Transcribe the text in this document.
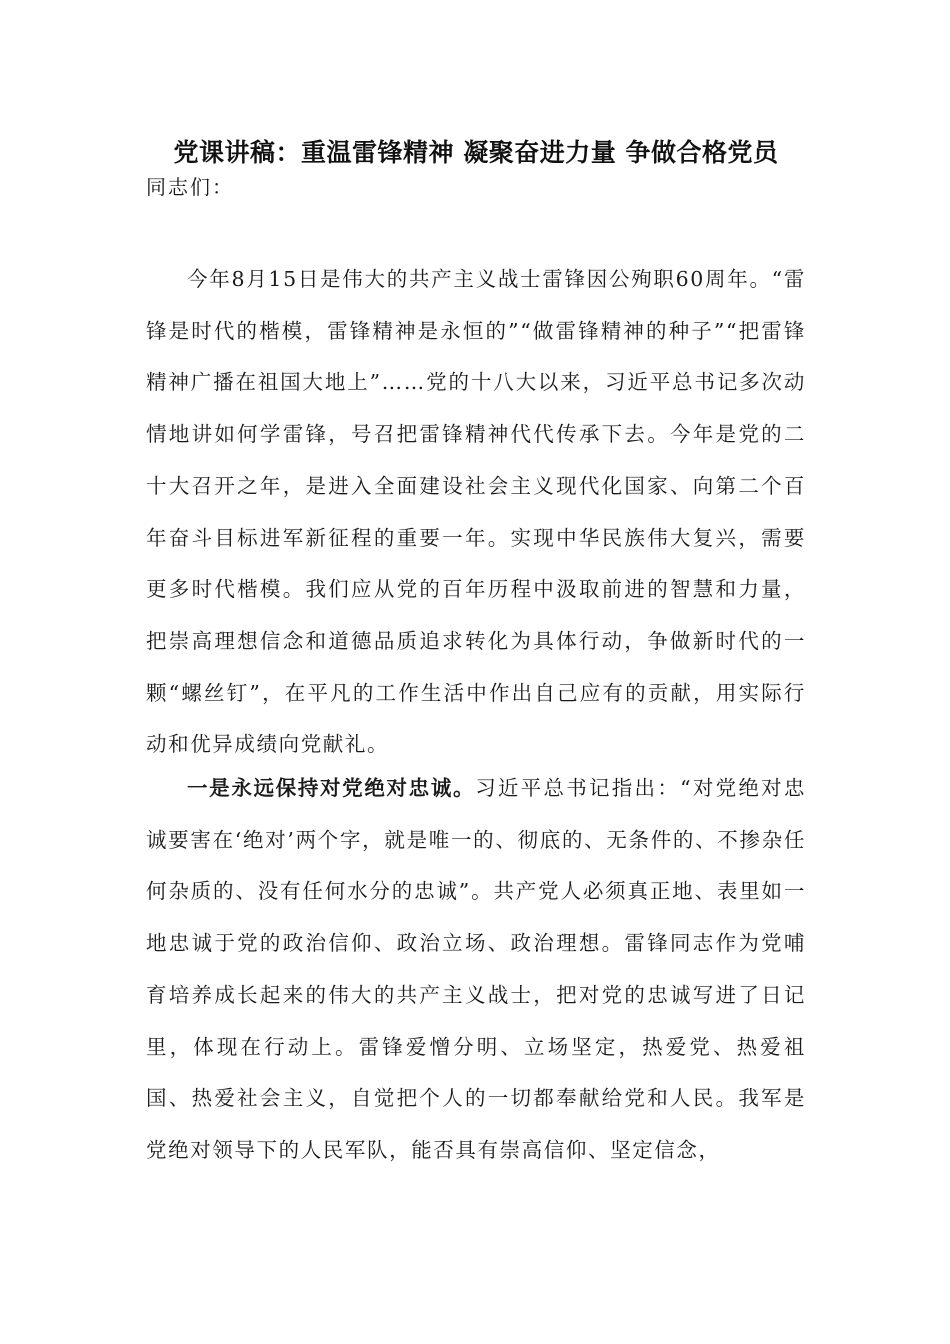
党课讲稿：重温雷锋精神 凝聚奋进力量 争做合格党员
同志们：

今年8月15日是伟大的共产主义战士雷锋因公殉职60周年。“雷锋是时代的楷模，雷锋精神是永恒的”“做雷锋精神的种子”“把雷锋精神广播在祖国大地上”……党的十八大以来，习近平总书记多次动情地讲如何学雷锋，号召把雷锋精神代代传承下去。今年是党的二十大召开之年，是进入全面建设社会主义现代化国家、向第二个百年奋斗目标进军新征程的重要一年。实现中华民族伟大复兴，需要更多时代楷模。我们应从党的百年历程中汲取前进的智慧和力量，把崇高理想信念和道德品质追求转化为具体行动，争做新时代的一颗“螺丝钉”，在平凡的工作生活中作出自己应有的贡献，用实际行动和优异成绩向党献礼。

一是永远保持对党绝对忠诚。习近平总书记指出：“对党绝对忠诚要害在‘绝对’两个字，就是唯一的、彻底的、无条件的、不掺杂任何杂质的、没有任何水分的忠诚”。共产党人必须真正地、表里如一地忠诚于党的政治信仰、政治立场、政治理想。雷锋同志作为党哺育培养成长起来的伟大的共产主义战士，把对党的忠诚写进了日记里，体现在行动上。雷锋爱憎分明、立场坚定，热爱党、热爱祖国、热爱社会主义，自觉把个人的一切都奉献给党和人民。我军是党绝对领导下的人民军队，能否具有崇高信仰、坚定信念，
